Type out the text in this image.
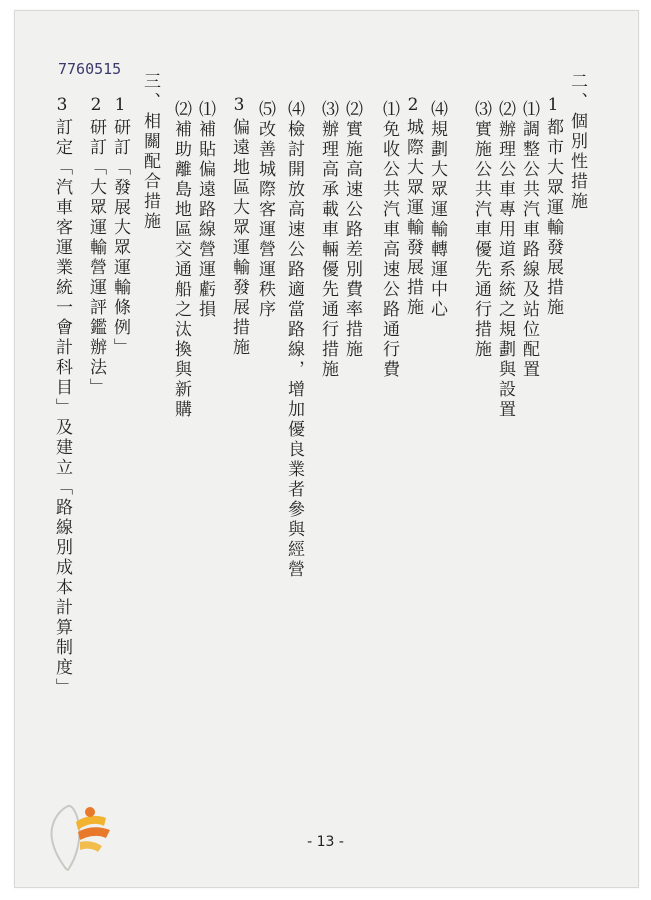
7760515
二、個別性措施
1都市大眾運輸發展措施
⑴調整公共汽車路線及站位配置
⑵辦理公車專用道系統之規劃與設置
⑶實施公共汽車優先通行措施
⑷規劃大眾運輸轉運中心
2城際大眾運輸發展措施
⑴免收公共汽車高速公路通行費
⑵實施高速公路差別費率措施
⑶辦理高承載車輛優先通行措施
⑷檢討開放高速公路適當路線，增加優良業者參與經營
⑸改善城際客運營運秩序
3偏遠地區大眾運輸發展措施
⑴補貼偏遠路線營運虧損
⑵補助離島地區交通船之汰換與新購
三、相關配合措施
1研訂「發展大眾運輸條例」
2研訂「大眾運輸營運評鑑辦法」
3訂定「汽車客運業統一會計科目」及建立「路線別成本計算制度」
- 13 -
